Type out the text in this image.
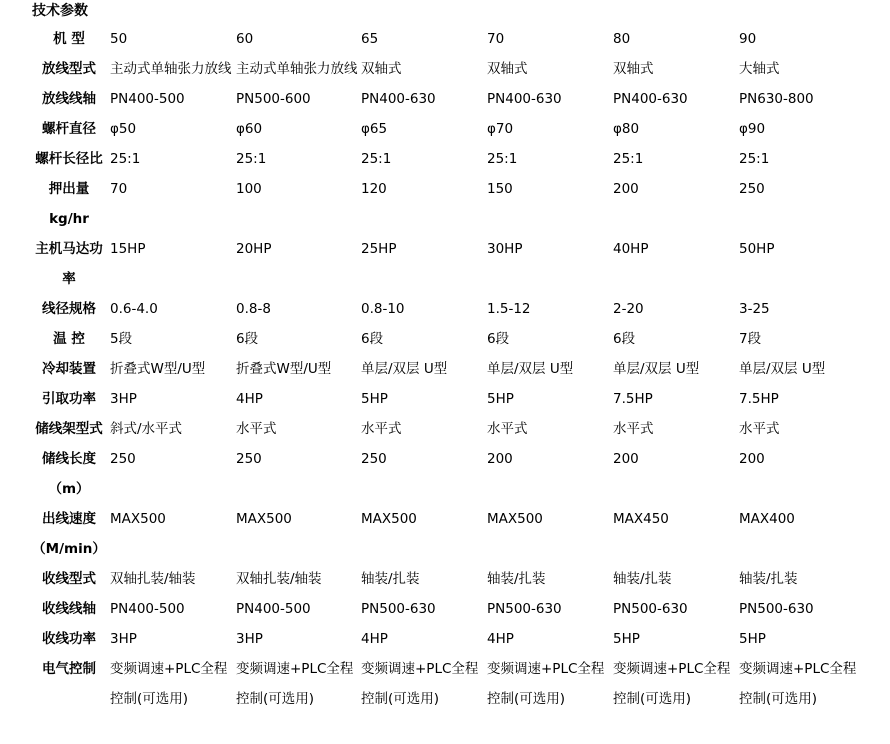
技术参数
机 型	50	60	65	70	80	90

放线型式	主动式单轴张力放线	主动式单轴张力放线	双轴式	双轴式	双轴式	大轴式

放线线轴	PN400-500	PN500-600	PN400-630	PN400-630	PN400-630	PN630-800

螺杆直径	φ50	φ60	φ65	φ70	φ80	φ90

螺杆长径比	25:1	25:1	25:1	25:1	25:1	25:1

押出量
kg/hr	70	100	120	150	200	250

主机马达功
率	15HP	20HP	25HP	30HP	40HP	50HP

线径规格	0.6-4.0	0.8-8	0.8-10	1.5-12	2-20	3-25

温 控	5段	6段	6段	6段	6段	7段

冷却装置	折叠式W型/U型	折叠式W型/U型	单层/双层 U型	单层/双层 U型	单层/双层 U型	单层/双层 U型

引取功率	3HP	4HP	5HP	5HP	7.5HP	7.5HP

储线架型式	斜式/水平式	水平式	水平式	水平式	水平式	水平式

储线长度
（m）	250	250	250	200	200	200

出线速度
（M/min）	MAX500	MAX500	MAX500	MAX500	MAX450	MAX400

收线型式	双轴扎装/轴装	双轴扎装/轴装	轴装/扎装	轴装/扎装	轴装/扎装	轴装/扎装

收线线轴	PN400-500	PN400-500	PN500-630	PN500-630	PN500-630	PN500-630

收线功率	3HP	3HP	4HP	4HP	5HP	5HP

电气控制	变频调速+PLC全程控制(可选用)	变频调速+PLC全程控制(可选用)	变频调速+PLC全程控制(可选用)	变频调速+PLC全程控制(可选用)	变频调速+PLC全程控制(可选用)	变频调速+PLC全程控制(可选用)
